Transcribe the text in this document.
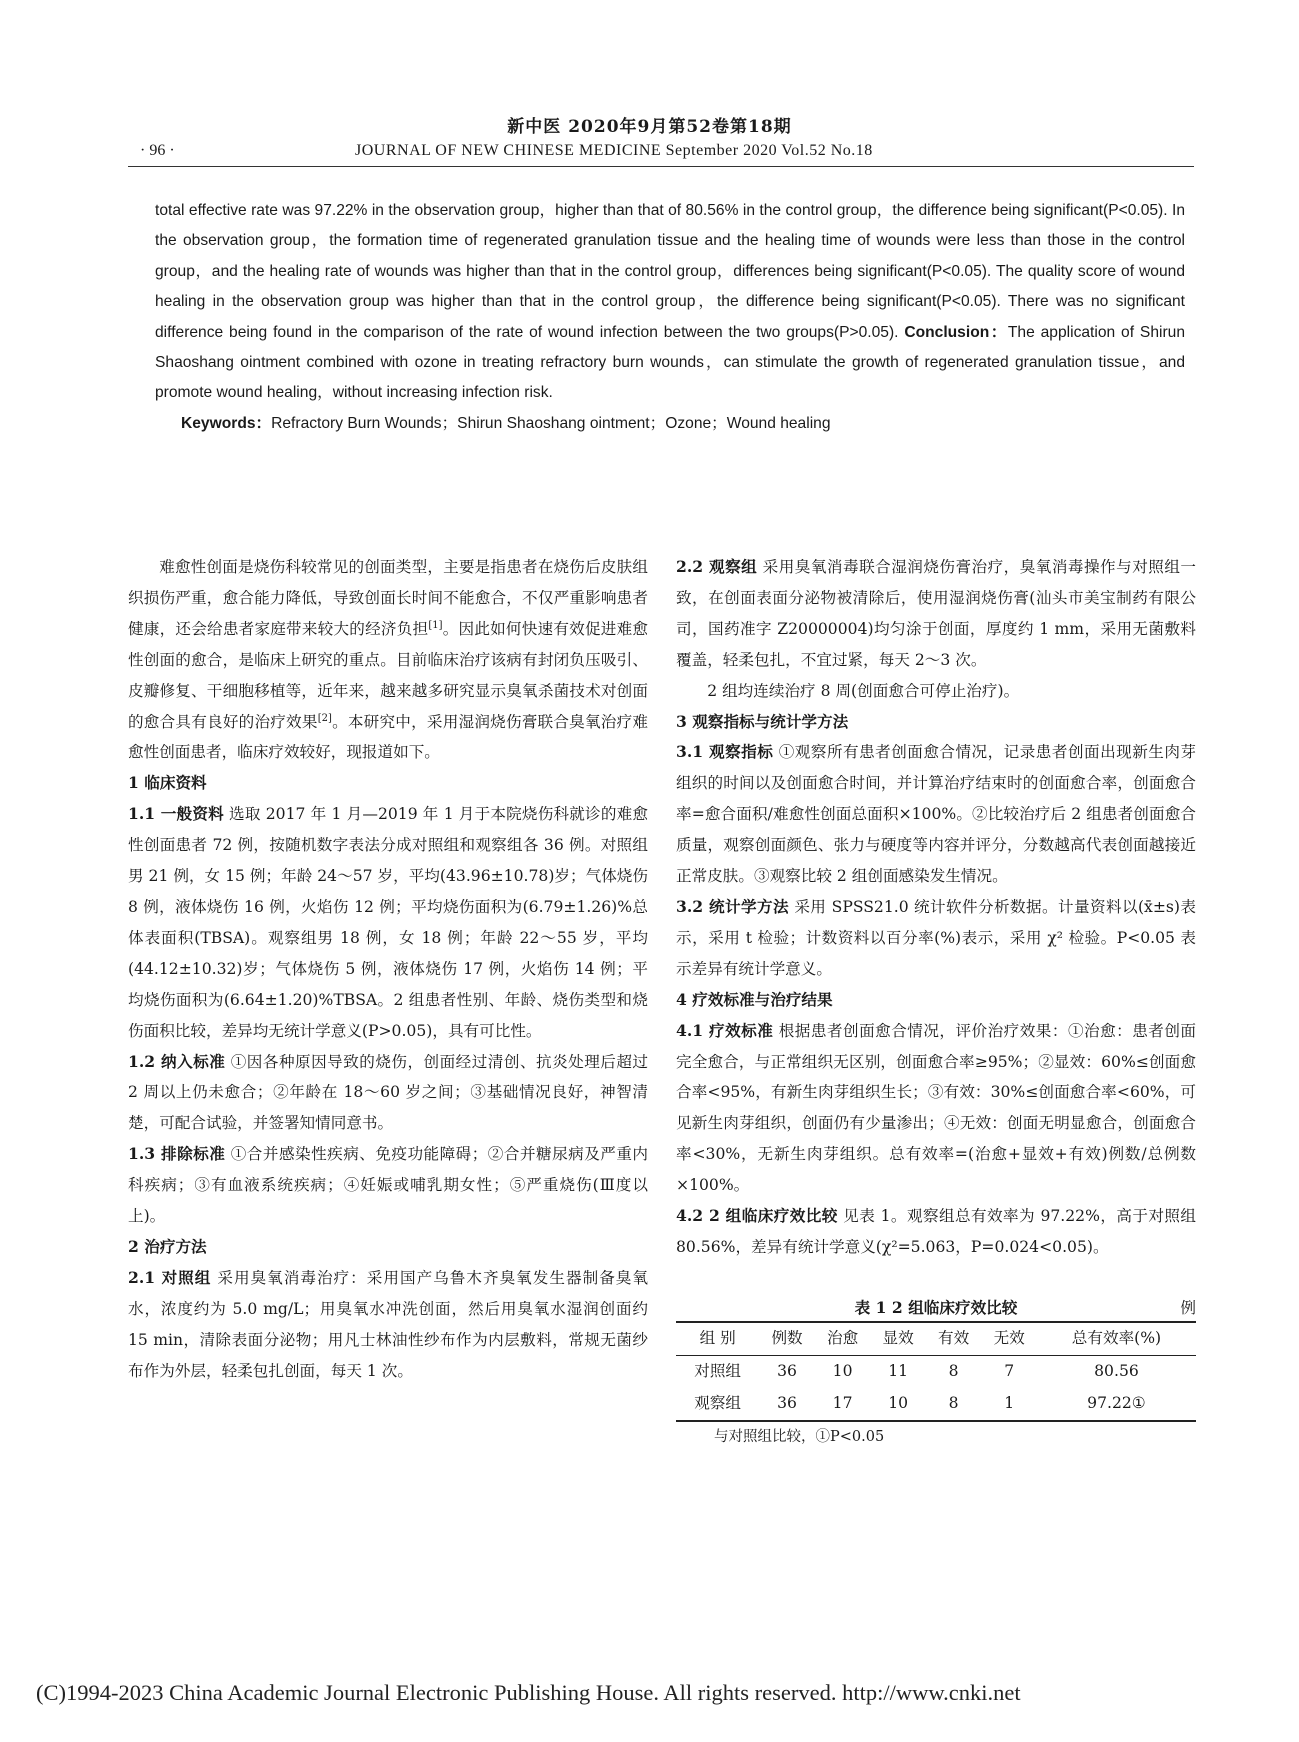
新中医 2020年9月第52卷第18期
· 96 ·	JOURNAL OF NEW CHINESE MEDICINE September 2020 Vol.52 No.18

total effective rate was 97.22% in the observation group，higher than that of 80.56% in the control group，the difference being significant(P<0.05). In the observation group，the formation time of regenerated granulation tissue and the healing time of wounds were less than those in the control group，and the healing rate of wounds was higher than that in the control group，differences being significant(P<0.05). The quality score of wound healing in the observation group was higher than that in the control group，the difference being significant(P<0.05). There was no significant difference being found in the comparison of the rate of wound infection between the two groups(P>0.05). Conclusion：The application of Shirun Shaoshang ointment combined with ozone in treating refractory burn wounds，can stimulate the growth of regenerated granulation tissue，and promote wound healing，without increasing infection risk.

Keywords：Refractory Burn Wounds；Shirun Shaoshang ointment；Ozone；Wound healing

难愈性创面是烧伤科较常见的创面类型，主要是指患者在烧伤后皮肤组织损伤严重，愈合能力降低，导致创面长时间不能愈合，不仅严重影响患者健康，还会给患者家庭带来较大的经济负担[1]。因此如何快速有效促进难愈性创面的愈合，是临床上研究的重点。目前临床治疗该病有封闭负压吸引、皮瓣修复、干细胞移植等，近年来，越来越多研究显示臭氧杀菌技术对创面的愈合具有良好的治疗效果[2]。本研究中，采用湿润烧伤膏联合臭氧治疗难愈性创面患者，临床疗效较好，现报道如下。

1 临床资料

1.1 一般资料 选取 2017 年 1 月—2019 年 1 月于本院烧伤科就诊的难愈性创面患者 72 例，按随机数字表法分成对照组和观察组各 36 例。对照组男 21 例，女 15 例；年龄 24～57 岁，平均(43.96±10.78)岁；气体烧伤 8 例，液体烧伤 16 例，火焰伤 12 例；平均烧伤面积为(6.79±1.26)%总体表面积(TBSA)。观察组男 18 例，女 18 例；年龄 22～55 岁，平均(44.12±10.32)岁；气体烧伤 5 例，液体烧伤 17 例，火焰伤 14 例；平均烧伤面积为(6.64±1.20)%TBSA。2 组患者性别、年龄、烧伤类型和烧伤面积比较，差异均无统计学意义(P>0.05)，具有可比性。

1.2 纳入标准 ①因各种原因导致的烧伤，创面经过清创、抗炎处理后超过 2 周以上仍未愈合；②年龄在 18～60 岁之间；③基础情况良好，神智清楚，可配合试验，并签署知情同意书。

1.3 排除标准 ①合并感染性疾病、免疫功能障碍；②合并糖尿病及严重内科疾病；③有血液系统疾病；④妊娠或哺乳期女性；⑤严重烧伤(Ⅲ度以上)。

2 治疗方法

2.1 对照组 采用臭氧消毒治疗：采用国产乌鲁木齐臭氧发生器制备臭氧水，浓度约为 5.0 mg/L；用臭氧水冲洗创面，然后用臭氧水湿润创面约 15 min，清除表面分泌物；用凡士林油性纱布作为内层敷料，常规无菌纱布作为外层，轻柔包扎创面，每天 1 次。

2.2 观察组 采用臭氧消毒联合湿润烧伤膏治疗，臭氧消毒操作与对照组一致，在创面表面分泌物被清除后，使用湿润烧伤膏(汕头市美宝制药有限公司，国药准字 Z20000004)均匀涂于创面，厚度约 1 mm，采用无菌敷料覆盖，轻柔包扎，不宜过紧，每天 2～3 次。

2 组均连续治疗 8 周(创面愈合可停止治疗)。

3 观察指标与统计学方法

3.1 观察指标 ①观察所有患者创面愈合情况，记录患者创面出现新生肉芽组织的时间以及创面愈合时间，并计算治疗结束时的创面愈合率，创面愈合率=愈合面积/难愈性创面总面积×100%。②比较治疗后 2 组患者创面愈合质量，观察创面颜色、张力与硬度等内容并评分，分数越高代表创面越接近正常皮肤。③观察比较 2 组创面感染发生情况。

3.2 统计学方法 采用 SPSS21.0 统计软件分析数据。计量资料以(x̄±s)表示，采用 t 检验；计数资料以百分率(%)表示，采用 χ² 检验。P<0.05 表示差异有统计学意义。

4 疗效标准与治疗结果

4.1 疗效标准 根据患者创面愈合情况，评价治疗效果：①治愈：患者创面完全愈合，与正常组织无区别，创面愈合率≥95%；②显效：60%≤创面愈合率<95%，有新生肉芽组织生长；③有效：30%≤创面愈合率<60%，可见新生肉芽组织，创面仍有少量渗出；④无效：创面无明显愈合，创面愈合率<30%，无新生肉芽组织。总有效率=(治愈+显效+有效)例数/总例数×100%。

4.2 2 组临床疗效比较 见表 1。观察组总有效率为 97.22%，高于对照组 80.56%，差异有统计学意义(χ²=5.063，P=0.024<0.05)。

表 1 2 组临床疗效比较	例
组 别	例数	治愈	显效	有效	无效	总有效率(%)
对照组	36	10	11	8	7	80.56
观察组	36	17	10	8	1	97.22①
与对照组比较，①P<0.05
(C)1994-2023 China Academic Journal Electronic Publishing House. All rights reserved. http://www.cnki.net
